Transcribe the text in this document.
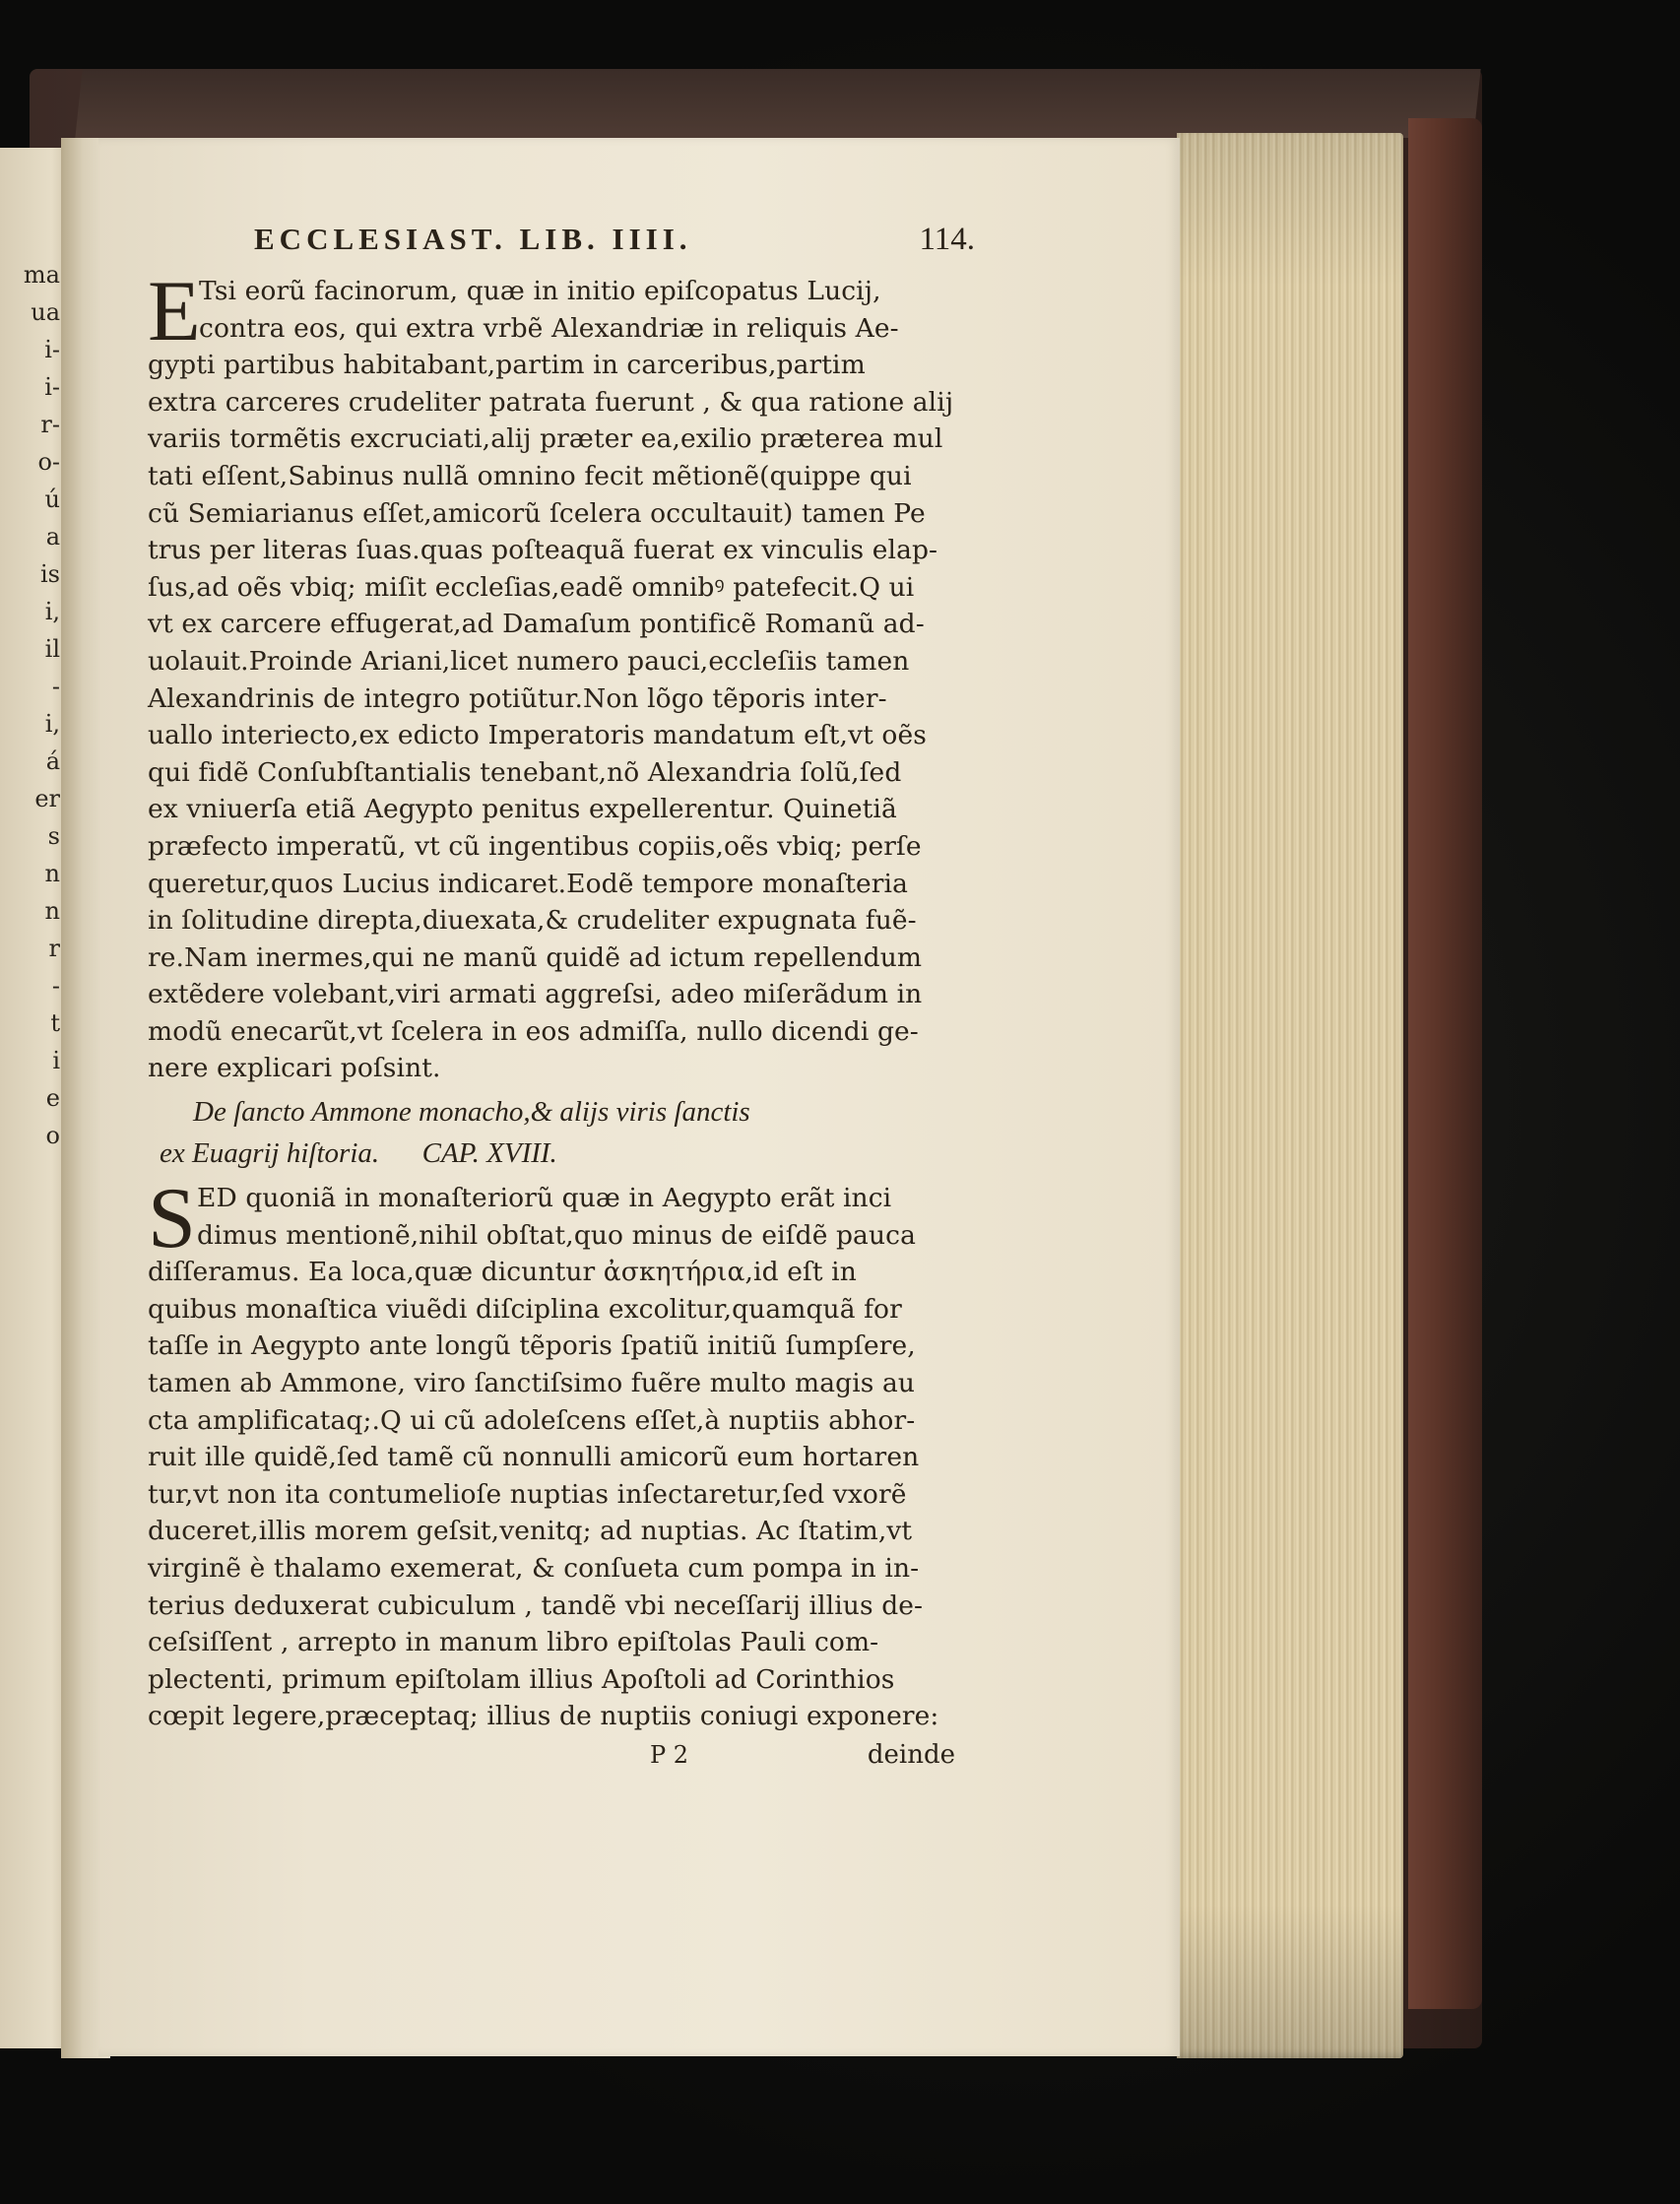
ma
ua
i-
i-
r-
o-
ú
a
is
i,
il
-
i,
á
er
s
n
n
r
-
t
i
e
o
ECCLESIAST. LIB. IIII.	114.
E
Tsi eorũ facinorum, quæ in initio epiſcopatus Lucij,
contra eos, qui extra vrbẽ Alexandriæ in reliquis Ae-
gypti partibus habitabant,partim in carceribus,partim
extra carceres crudeliter patrata fuerunt , & qua ratione alij
variis tormẽtis excruciati,alij præter ea,exilio prætereа mul
tati eſſent,Sabinus nullã omnino fecit mẽtionẽ(quippe qui
cũ Semiarianus eſſet,amicorũ ſcelera occultauit) tamen Pe
trus per literas ſuas.quas poſteaquã fuerat ex vinculis elap-
ſus,ad oẽs vbiq; miſit eccleſias,eadẽ omnibꝰ patefecit.Q ui
vt ex carcere effugerat,ad Damaſum pontificẽ Romanũ ad-
uolauit.Proinde Ariani,licet numero pauci,eccleſiis tamen
Alexandrinis de integro potiũtur.Non lõgo tẽporis inter-
uallo interiecto,ex edicto Imperatoris mandatum eſt,vt oẽs
qui fidẽ Conſubſtantialis tenebant,nõ Alexandria ſolũ,ſed
ex vniuerſa etiã Aegypto penitus expellerentur. Quinetiã
præfecto imperatũ, vt cũ ingentibus copiis,oẽs vbiq; perſe
queretur,quos Lucius indicaret.Eodẽ tempore monaſteria
in ſolitudine direpta,diuexata,& crudeliter expugnata fuẽ-
re.Nam inermes,qui ne manũ quidẽ ad ictum repellendum
extẽdere volebant,viri armati aggreſsi, adeo miſerãdum in
modũ enecarũt,vt ſcelera in eos admiſſa, nullo dicendi ge-
nere explicari poſsint.
De ſancto Ammone monacho,& alijs viris ſanctis
ex Euagrij hiſtoria.      CAP. XVIII.
S ED quoniã in monaſteriorũ quæ in Aegypto erãt inci
dimus mentionẽ,nihil obſtat,quo minus de eiſdẽ pauca
diſſeramus. Ea loca,quæ dicuntur ἀσκητήρια,id eſt in
quibus monaſtica viuẽdi diſciplina excolitur,quamquã for
taſſe in Aegypto ante longũ tẽporis ſpatiũ initiũ ſumpſere,
tamen ab Ammone, viro ſanctiſsimo fuẽre multo magis au
cta amplificataq;.Q ui cũ adoleſcens eſſet,à nuptiis abhor-
ruit ille quidẽ,ſed tamẽ cũ nonnulli amicorũ eum hortaren
tur,vt non ita contumelioſe nuptias inſectaretur,ſed vxorẽ
duceret,illis morem geſsit,venitq; ad nuptias. Ac ſtatim,vt
virginẽ è thalamo exemerat, & conſueta cum pompa in in-
terius deduxerat cubiculum , tandẽ vbi neceſſarij illius de-
ceſsiſſent , arrepto in manum libro epiſtolas Pauli com-
plectenti, primum epiſtolam illius Apoſtoli ad Corinthios
cœpit legere,præceptaq; illius de nuptiis coniugi exponere:
P 2	deinde
